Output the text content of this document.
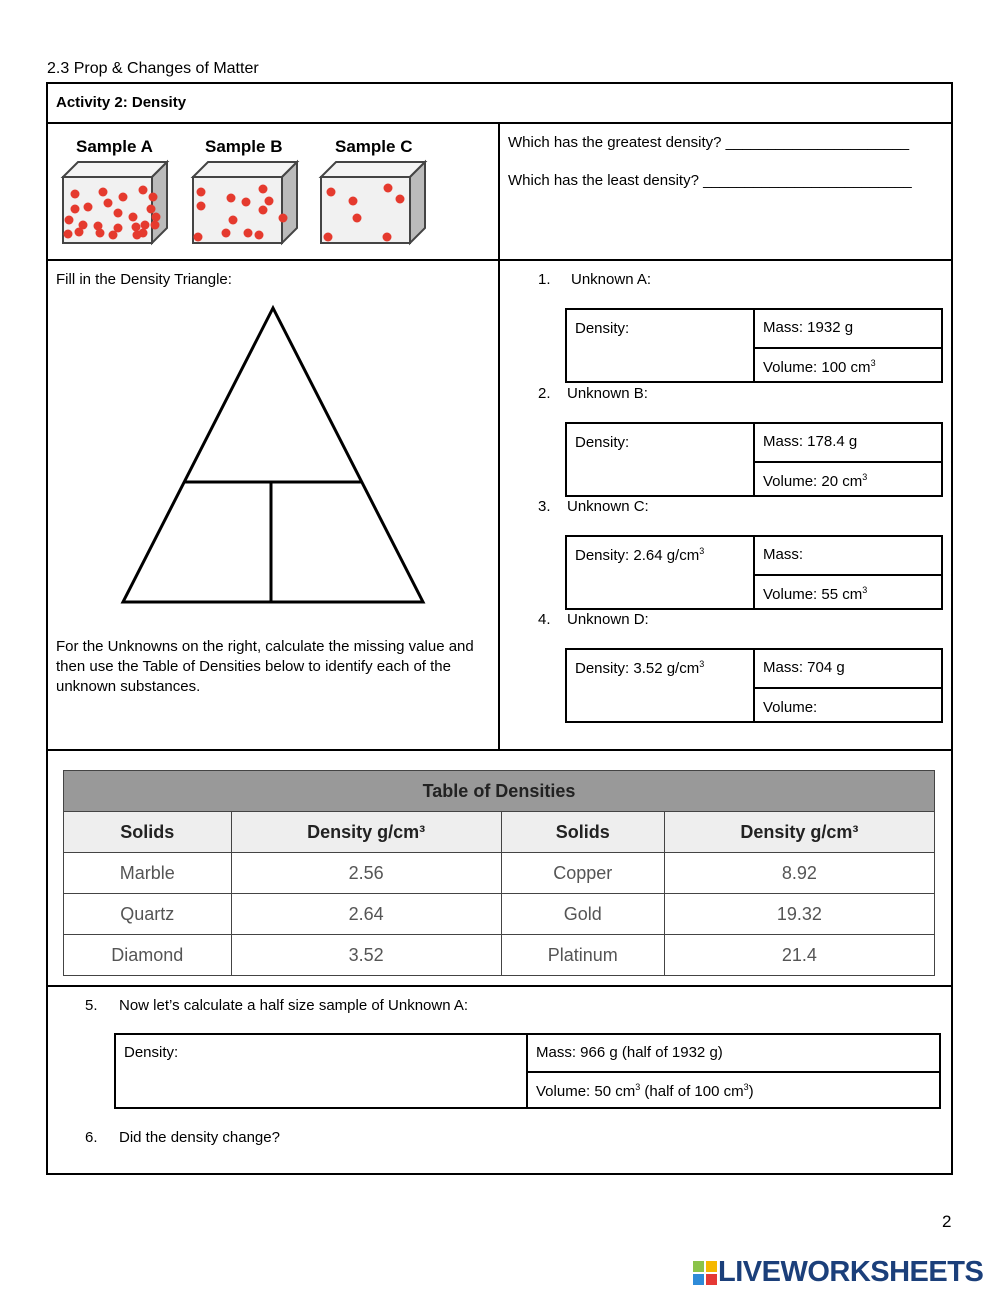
2.3 Prop & Changes of Matter
Activity 2: Density
Sample A	Sample B	Sample C	Which has the greatest density? ______________________
Which has the least density? _________________________
Fill in the Density Triangle:
For the Unknowns on the right, calculate the missing value and then use the Table of Densities below to identify each of the unknown substances.
1. Unknown A:
Density:	Mass: 1932 g
Volume: 100 $cm^3$
2. Unknown B:
Density:	Mass: 178.4 g
Volume: 20 $cm^3$
3. Unknown C:
Density: 2.64 $g/cm^3$	Mass:
Volume: 55 $cm^3$
4. Unknown D:
Density: 3.52 $g/cm^3$	Mass: 704 g
Volume:
Table of Densities			
Solids	Density g/cm³	Solids	Density g/cm³
Marble	2.56	Copper	8.92
Quartz	2.64	Gold	19.32
Diamond	3.52	Platinum	21.4
5. Now let’s calculate a half size sample of Unknown A:
Density:	Mass: 966 g (half of 1932 g)
Volume: 50 $cm^3$ (half of 100 $cm^3$)
6. Did the density change?
2
LIVEWORKSHEETS
